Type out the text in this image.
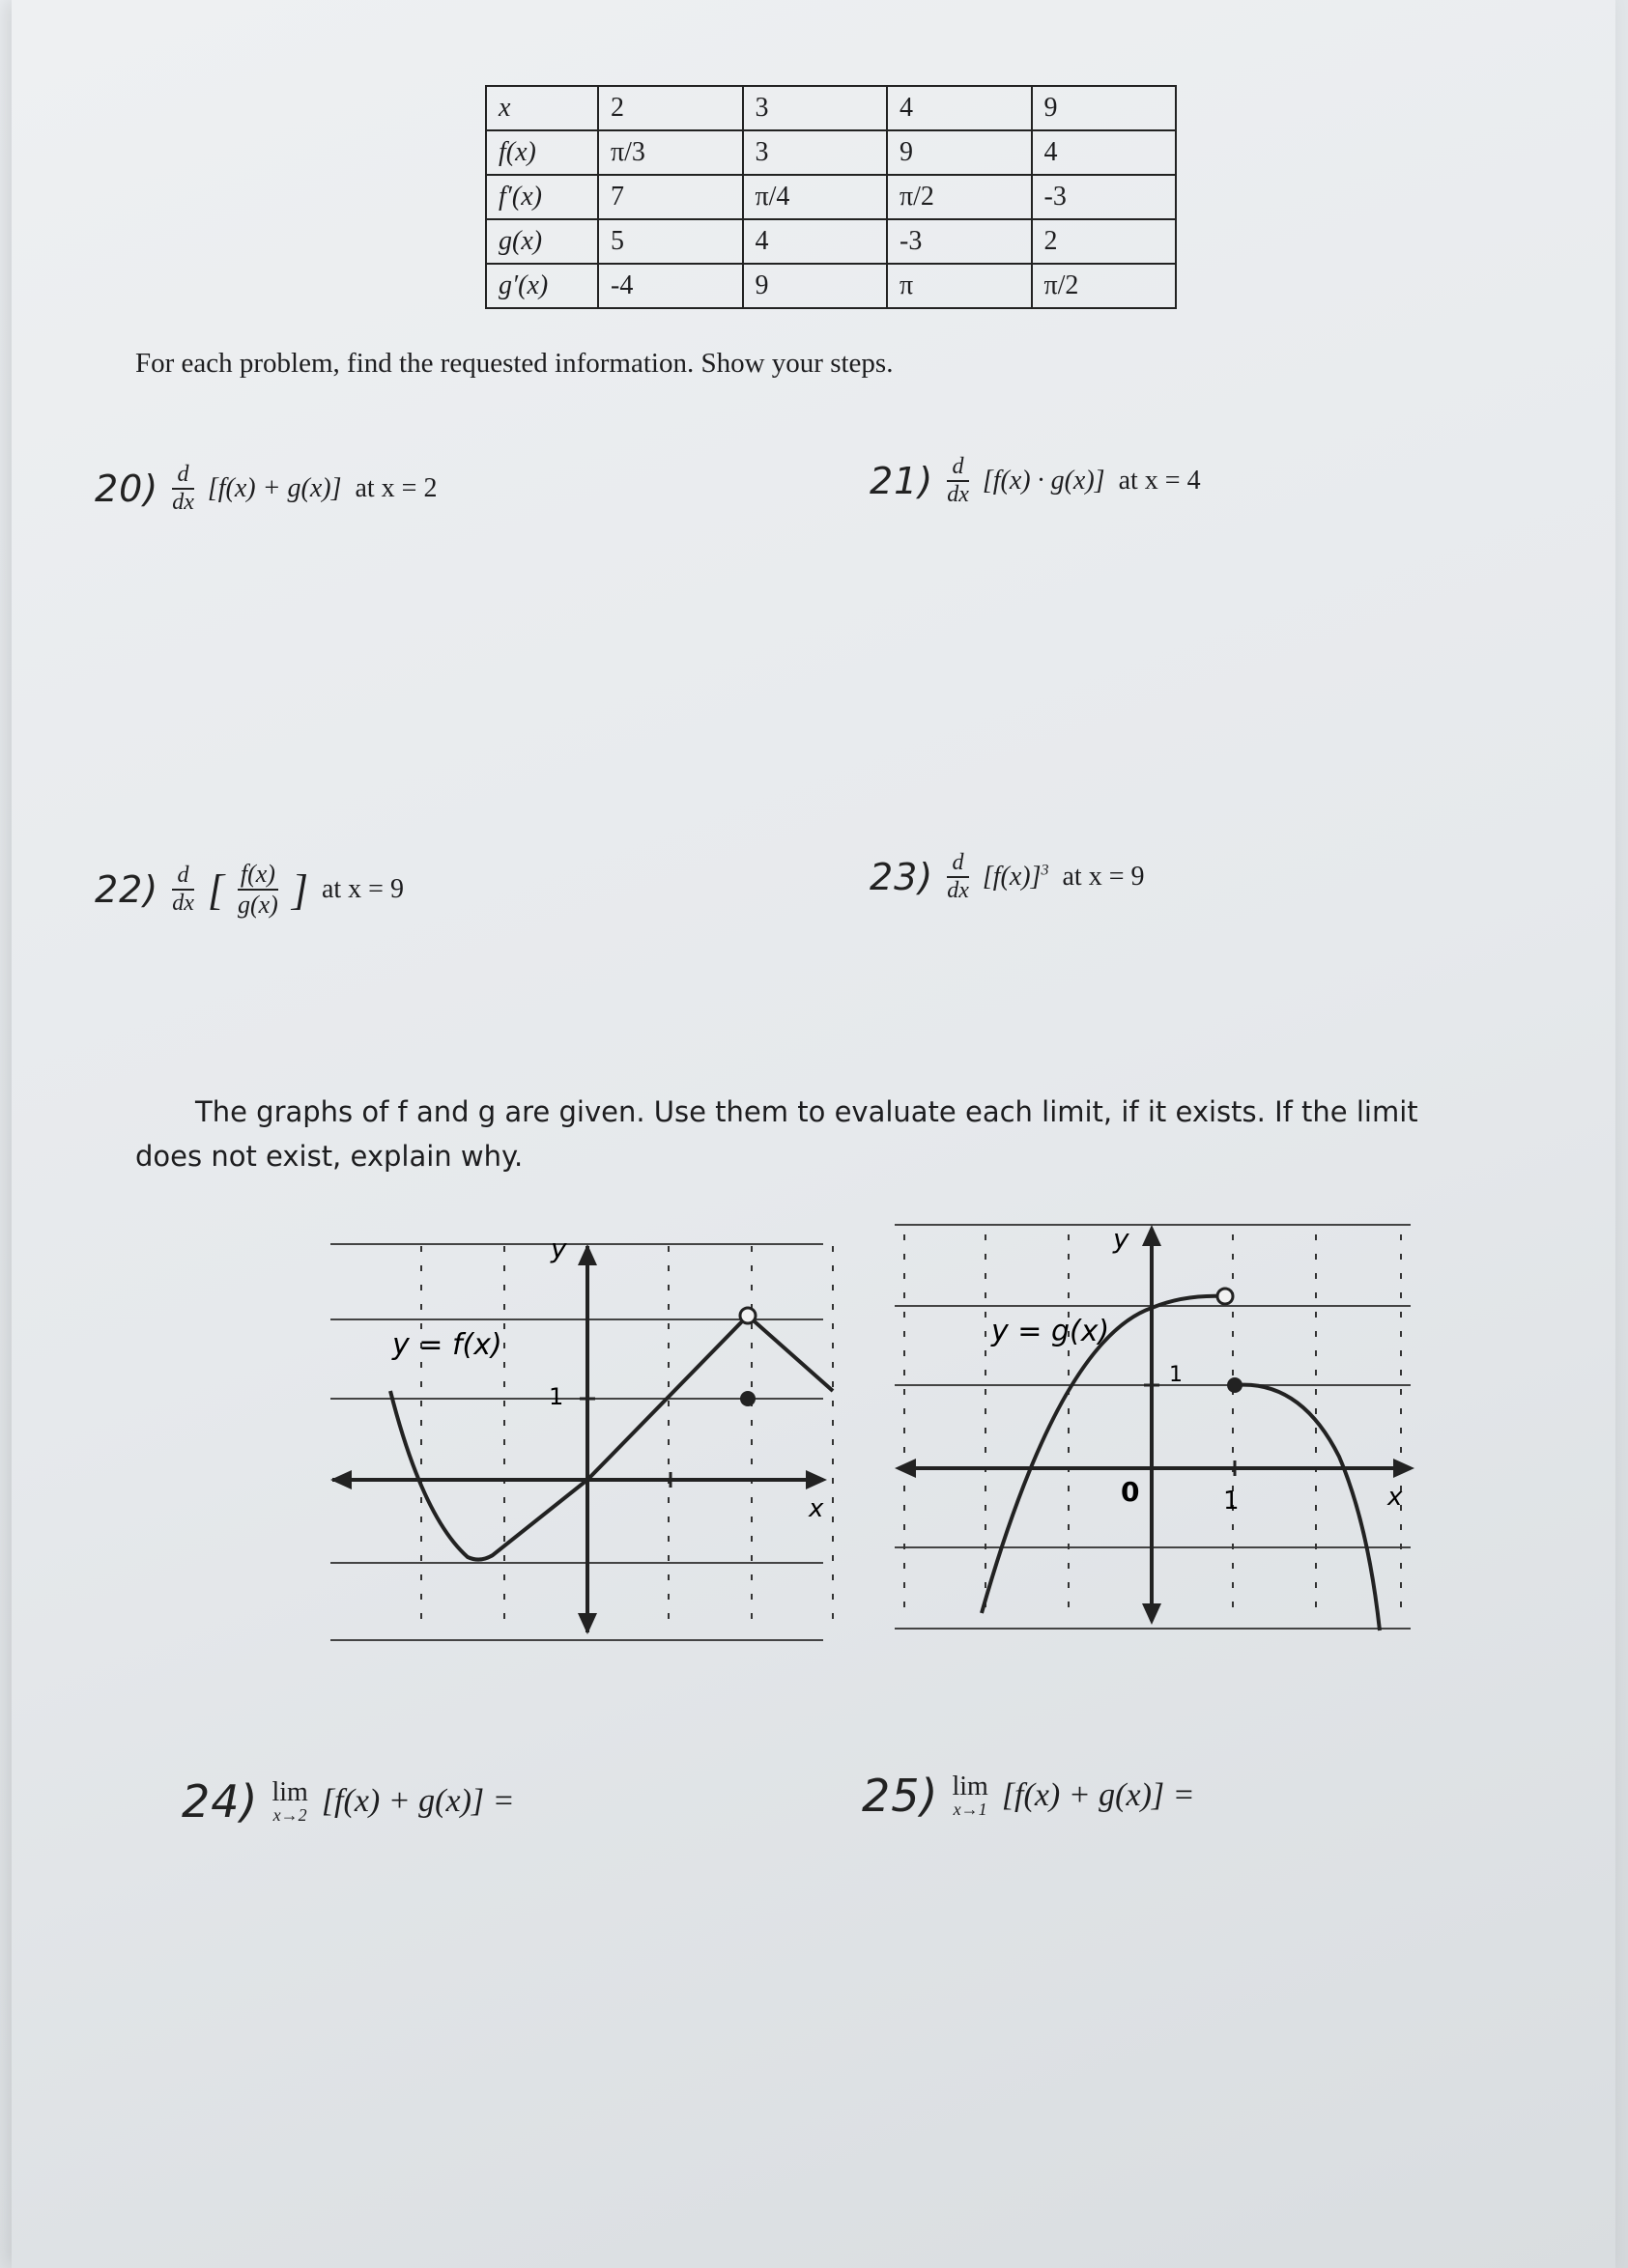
x	2	3	4	9
f(x)	π/3	3	9	4
f′(x)	7	π/4	π/2	-3
g(x)	5	4	-3	2
g′(x)	-4	9	π	π/2
For each problem, find the requested information. Show your steps.
$20) \frac{d}{dx} [f(x) + g(x)]$ at x = 2	$21) \frac{d}{dx} [f(x) \cdot g(x)]$ at x = 4
$22) \frac{d}{dx}$ [ $\frac{f(x)}{g(x)}$ ] at x = 9	$23) \frac{d}{dx} [f(x)]^3$ at x = 9
The graphs of f and g are given. Use them to evaluate each limit, if it exists. If the limit
does not exist, explain why.
y
x
y = f(x)
1
y
x
y = g(x)
1
1
0
24) lim
x→2 [f(x) + g(x)] =	25) lim
x→1 [f(x) + g(x)] =
